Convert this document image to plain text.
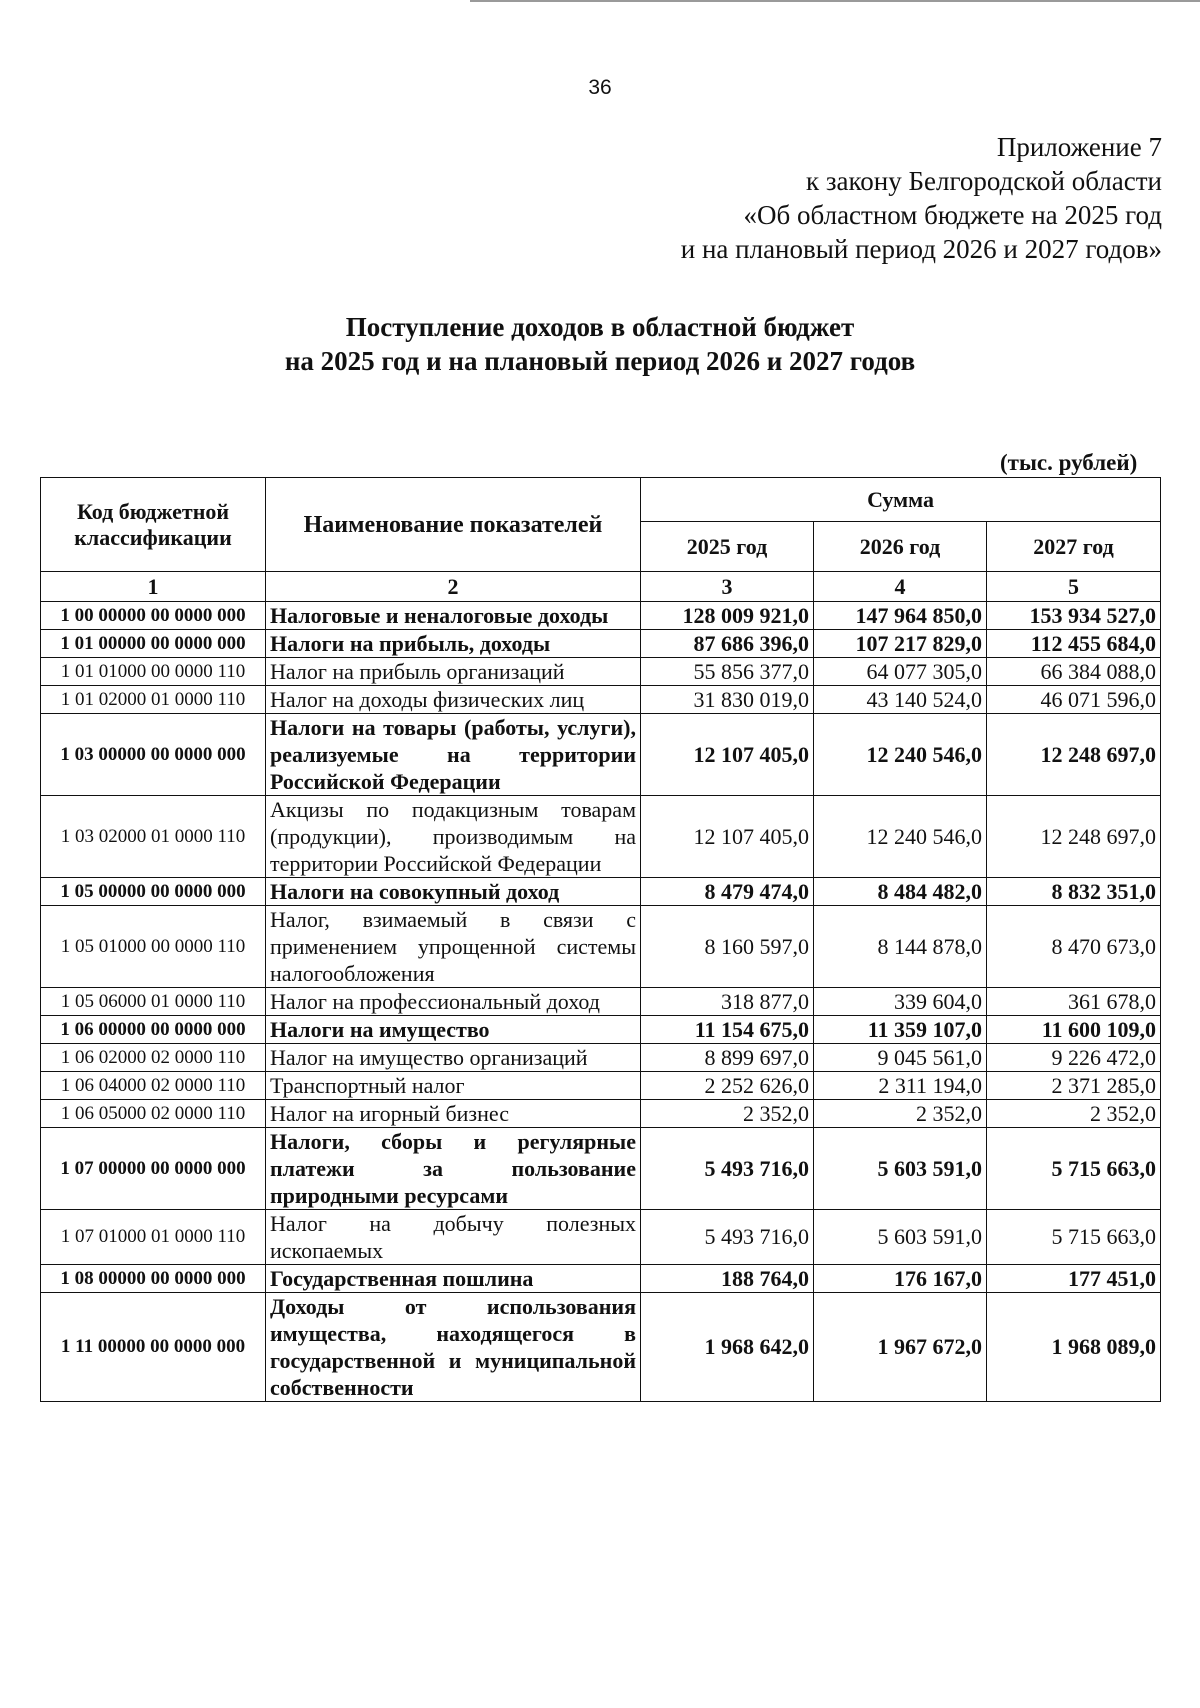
36
Приложение 7
к закону Белгородской области
«Об областном бюджете на 2025 год
и на плановый период 2026 и 2027 годов»
Поступление доходов в областной бюджет
на 2025 год и на плановый период 2026 и 2027 годов
(тыс. рублей)
Код бюджетной классификации	Наименование показателей	Сумма		
		2025 год	2026 год	2027 год
1	2	3	4	5
1 00 00000 00 0000 000	Налоговые и неналоговые доходы	128 009 921,0	147 964 850,0	153 934 527,0
1 01 00000 00 0000 000	Налоги на прибыль, доходы	87 686 396,0	107 217 829,0	112 455 684,0
1 01 01000 00 0000 110	Налог на прибыль организаций	55 856 377,0	64 077 305,0	66 384 088,0
1 01 02000 01 0000 110	Налог на доходы физических лиц	31 830 019,0	43 140 524,0	46 071 596,0
1 03 00000 00 0000 000	Налоги на товары (работы, услуги), реализуемые на территории Российской Федерации	12 107 405,0	12 240 546,0	12 248 697,0
1 03 02000 01 0000 110	Акцизы по подакцизным товарам (продукции), производимым на территории Российской Федерации	12 107 405,0	12 240 546,0	12 248 697,0
1 05 00000 00 0000 000	Налоги на совокупный доход	8 479 474,0	8 484 482,0	8 832 351,0
1 05 01000 00 0000 110	Налог, взимаемый в связи с применением упрощенной системы налогообложения	8 160 597,0	8 144 878,0	8 470 673,0
1 05 06000 01 0000 110	Налог на профессиональный доход	318 877,0	339 604,0	361 678,0
1 06 00000 00 0000 000	Налоги на имущество	11 154 675,0	11 359 107,0	11 600 109,0
1 06 02000 02 0000 110	Налог на имущество организаций	8 899 697,0	9 045 561,0	9 226 472,0
1 06 04000 02 0000 110	Транспортный налог	2 252 626,0	2 311 194,0	2 371 285,0
1 06 05000 02 0000 110	Налог на игорный бизнес	2 352,0	2 352,0	2 352,0
1 07 00000 00 0000 000	Налоги, сборы и регулярные платежи за пользование природными ресурсами	5 493 716,0	5 603 591,0	5 715 663,0
1 07 01000 01 0000 110	Налог на добычу полезных ископаемых	5 493 716,0	5 603 591,0	5 715 663,0
1 08 00000 00 0000 000	Государственная пошлина	188 764,0	176 167,0	177 451,0
1 11 00000 00 0000 000	Доходы от использования имущества, находящегося в государственной и муниципальной собственности	1 968 642,0	1 967 672,0	1 968 089,0
